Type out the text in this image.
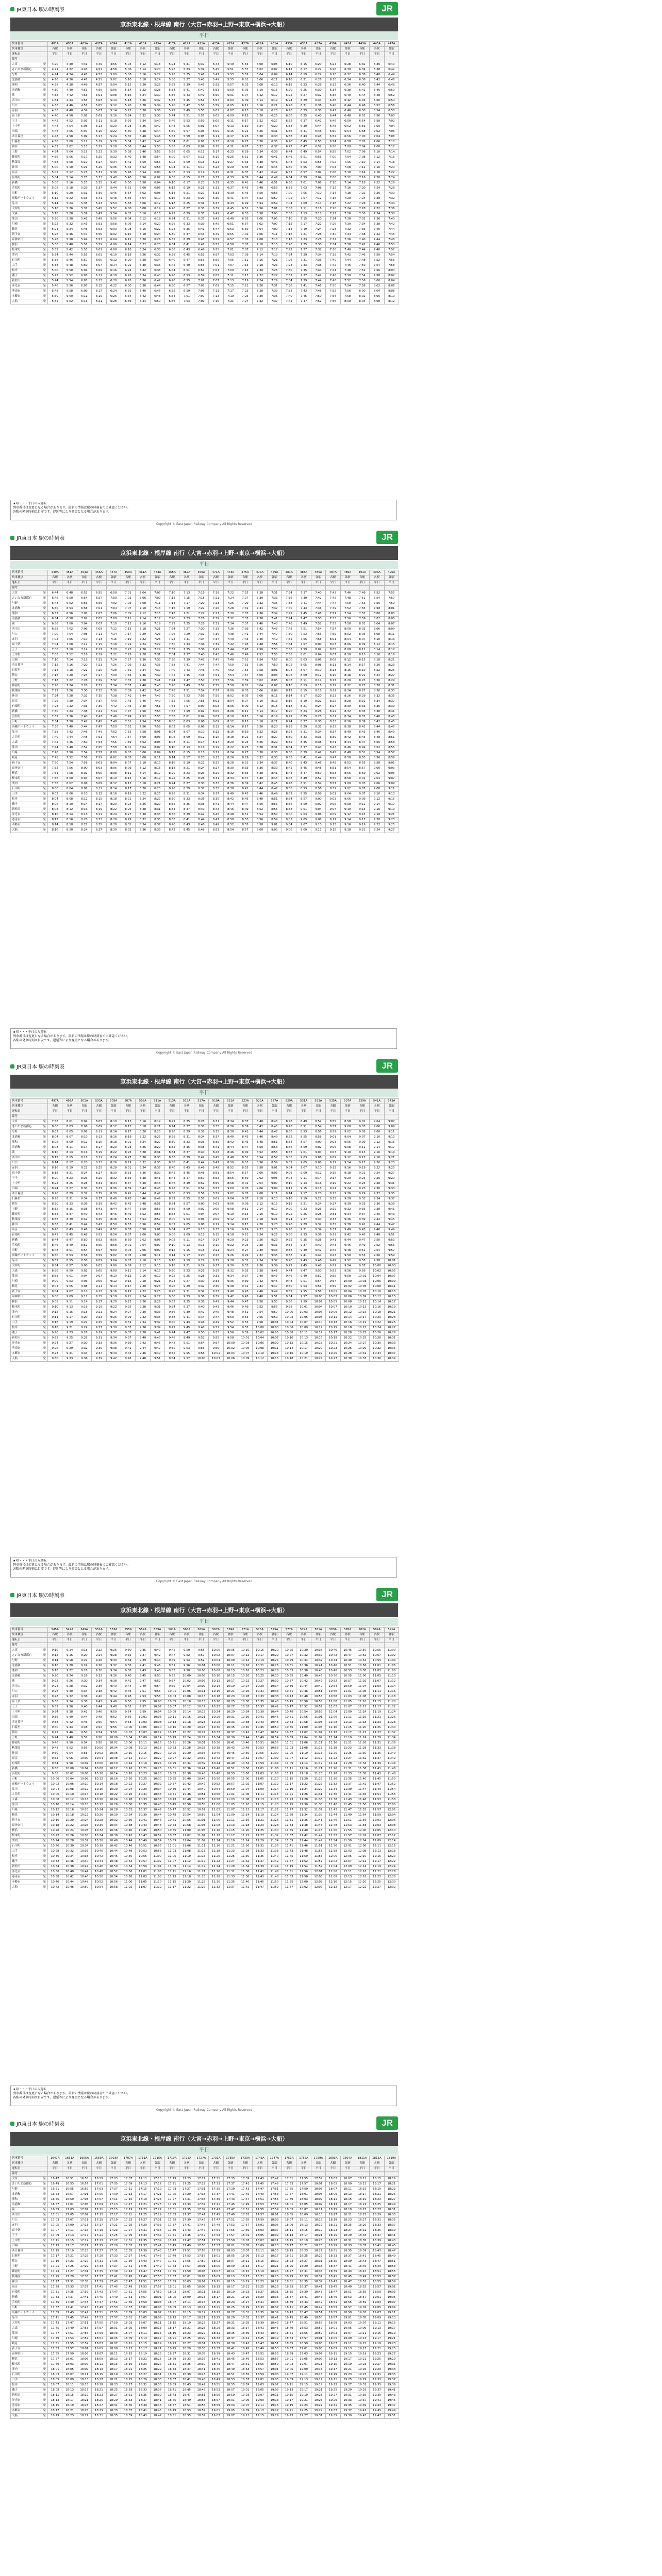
JR東日本 駅の時刻表	JR
京浜東北線・根岸線 南行（大宮→赤羽→上野→東京→横浜→大船）
平日
列車番号		401A	403A	405A	407A	409A	411A	413A	415A	417A	419A	421A	423A	425A	427A	429A	431A	433A	435A	437A	439A	441A	443A	445A	447A
列車種別		各駅	各駅	各駅	各駅	各駅	各駅	各駅	各駅	各駅	各駅	各駅	各駅	各駅	各駅	各駅	各駅	各駅	各駅	各駅	各駅	各駅	各駅	各駅	各駅
運転日		平日	平日	平日	平日	平日	平日	平日	平日	平日	平日	平日	平日	平日	平日	平日	平日	平日	平日	平日	平日	平日	平日	平日	平日
備考																									
大宮	発	4:20	4:30	4:41	4:49	4:56	5:04	5:12	5:18	5:24	5:31	5:37	5:43	5:49	5:55	6:00	6:05	6:10	6:15	6:20	6:24	6:28	6:32	6:36	6:40
さいたま新都心	発	4:22	4:32	4:43	4:51	4:58	5:06	5:14	5:20	5:26	5:33	5:39	5:45	5:51	5:57	6:02	6:07	6:12	6:17	6:22	6:26	6:30	6:34	6:38	6:42
与野	発	4:24	4:34	4:45	4:53	5:00	5:08	5:16	5:22	5:28	5:35	5:41	5:47	5:53	5:59	6:04	6:09	6:14	6:19	6:24	6:28	6:32	6:36	6:40	6:44
北浦和	発	4:26	4:36	4:47	4:55	5:02	5:10	5:18	5:24	5:30	5:37	5:43	5:49	5:55	6:01	6:06	6:11	6:16	6:21	6:26	6:30	6:34	6:38	6:42	6:46
浦和	発	4:28	4:38	4:49	4:57	5:04	5:12	5:20	5:26	5:32	5:39	5:45	5:51	5:57	6:03	6:08	6:13	6:18	6:23	6:28	6:32	6:36	6:40	6:44	6:48
南浦和	発	4:30	4:40	4:51	4:59	5:06	5:14	5:22	5:28	5:34	5:41	5:47	5:53	5:59	6:05	6:10	6:15	6:20	6:25	6:30	6:34	6:38	6:42	6:46	6:50
蕨	発	4:32	4:42	4:53	5:01	5:08	5:16	5:24	5:30	5:36	5:43	5:49	5:55	6:01	6:07	6:12	6:17	6:22	6:27	6:32	6:36	6:40	6:44	6:48	6:52
西川口	発	4:34	4:44	4:55	5:03	5:10	5:18	5:26	5:32	5:38	5:45	5:51	5:57	6:03	6:09	6:14	6:19	6:24	6:29	6:34	6:38	6:42	6:46	6:50	6:54
川口	発	4:36	4:46	4:57	5:05	5:12	5:20	5:28	5:34	5:40	5:47	5:53	5:59	6:05	6:11	6:16	6:21	6:26	6:31	6:36	6:40	6:44	6:48	6:52	6:56
赤羽	発	4:38	4:48	4:59	5:07	5:14	5:22	5:30	5:36	5:42	5:49	5:55	6:01	6:07	6:13	6:18	6:23	6:28	6:33	6:38	6:42	6:46	6:50	6:54	6:58
東十条	発	4:40	4:50	5:01	5:09	5:16	5:24	5:32	5:38	5:44	5:51	5:57	6:03	6:09	6:15	6:20	6:25	6:30	6:35	6:40	6:44	6:48	6:52	6:56	7:00
王子	発	4:42	4:52	5:03	5:11	5:18	5:26	5:34	5:40	5:46	5:53	5:59	6:05	6:11	6:17	6:22	6:27	6:32	6:37	6:42	6:46	6:50	6:54	6:58	7:02
上中里	発	4:44	4:54	5:05	5:13	5:20	5:28	5:36	5:42	5:48	5:55	6:01	6:07	6:13	6:19	6:24	6:29	6:34	6:39	6:44	6:48	6:52	6:56	7:00	7:04
田端	発	4:46	4:56	5:07	5:15	5:22	5:30	5:38	5:44	5:50	5:57	6:03	6:09	6:15	6:21	6:26	6:31	6:36	6:41	6:46	6:50	6:54	6:58	7:02	7:06
西日暮里	発	4:48	4:58	5:09	5:17	5:24	5:32	5:40	5:46	5:52	5:59	6:05	6:11	6:17	6:23	6:28	6:33	6:38	6:43	6:48	6:52	6:56	7:00	7:04	7:08
日暮里	発	4:50	5:00	5:11	5:19	5:26	5:34	5:42	5:48	5:54	6:01	6:07	6:13	6:19	6:25	6:30	6:35	6:40	6:45	6:50	6:54	6:58	7:02	7:06	7:10
鶯谷	発	4:52	5:02	5:13	5:21	5:28	5:36	5:44	5:50	5:56	6:03	6:09	6:15	6:21	6:27	6:32	6:37	6:42	6:47	6:52	6:56	7:00	7:04	7:08	7:12
上野	発	4:54	5:04	5:15	5:23	5:30	5:38	5:46	5:52	5:58	6:05	6:11	6:17	6:23	6:29	6:34	6:39	6:44	6:49	6:54	6:58	7:02	7:06	7:10	7:14
御徒町	発	4:56	5:06	5:17	5:25	5:32	5:40	5:48	5:54	6:00	6:07	6:13	6:19	6:25	6:31	6:36	6:41	6:46	6:51	6:56	7:00	7:04	7:08	7:12	7:16
秋葉原	発	4:58	5:08	5:19	5:27	5:34	5:42	5:50	5:56	6:02	6:09	6:15	6:21	6:27	6:33	6:38	6:43	6:48	6:53	6:58	7:02	7:06	7:10	7:14	7:18
神田	発	5:00	5:10	5:21	5:29	5:36	5:44	5:52	5:58	6:04	6:11	6:17	6:23	6:29	6:35	6:40	6:45	6:50	6:55	7:00	7:04	7:08	7:12	7:16	7:20
東京	発	5:02	5:12	5:23	5:31	5:38	5:46	5:54	6:00	6:06	6:13	6:19	6:25	6:31	6:37	6:42	6:47	6:52	6:57	7:02	7:06	7:10	7:14	7:18	7:22
有楽町	発	5:04	5:14	5:25	5:33	5:40	5:48	5:56	6:02	6:08	6:15	6:21	6:27	6:33	6:39	6:44	6:49	6:54	6:59	7:04	7:08	7:12	7:16	7:20	7:24
新橋	発	5:06	5:16	5:27	5:35	5:42	5:50	5:58	6:04	6:10	6:17	6:23	6:29	6:35	6:41	6:46	6:51	6:56	7:01	7:06	7:10	7:14	7:18	7:22	7:26
浜松町	発	5:08	5:18	5:29	5:37	5:44	5:52	6:00	6:06	6:12	6:19	6:25	6:31	6:37	6:43	6:48	6:53	6:58	7:03	7:08	7:12	7:16	7:20	7:24	7:28
田町	発	5:10	5:20	5:31	5:39	5:46	5:54	6:02	6:08	6:14	6:21	6:27	6:33	6:39	6:45	6:50	6:55	7:00	7:05	7:10	7:14	7:18	7:22	7:26	7:30
高輪ゲートウェイ	発	5:12	5:22	5:33	5:41	5:48	5:56	6:04	6:10	6:16	6:23	6:29	6:35	6:41	6:47	6:52	6:57	7:02	7:07	7:12	7:16	7:20	7:24	7:28	7:32
品川	発	5:14	5:24	5:35	5:43	5:50	5:58	6:06	6:12	6:18	6:25	6:31	6:37	6:43	6:49	6:54	6:59	7:04	7:09	7:14	7:18	7:22	7:26	7:30	7:34
大井町	発	5:16	5:26	5:37	5:45	5:52	6:00	6:08	6:14	6:20	6:27	6:33	6:39	6:45	6:51	6:56	7:01	7:06	7:11	7:16	7:20	7:24	7:28	7:32	7:36
大森	発	5:18	5:28	5:39	5:47	5:54	6:02	6:10	6:16	6:22	6:29	6:35	6:41	6:47	6:53	6:58	7:03	7:08	7:13	7:18	7:22	7:26	7:30	7:34	7:38
蒲田	発	5:20	5:30	5:41	5:49	5:56	6:04	6:12	6:18	6:24	6:31	6:37	6:43	6:49	6:55	7:00	7:05	7:10	7:15	7:20	7:24	7:28	7:32	7:36	7:40
川崎	発	5:22	5:32	5:43	5:51	5:58	6:06	6:14	6:20	6:26	6:33	6:39	6:45	6:51	6:57	7:02	7:07	7:12	7:17	7:22	7:26	7:30	7:34	7:38	7:42
鶴見	発	5:24	5:34	5:45	5:53	6:00	6:08	6:16	6:22	6:28	6:35	6:41	6:47	6:53	6:59	7:04	7:09	7:14	7:19	7:24	7:28	7:32	7:36	7:40	7:44
新子安	発	5:26	5:36	5:47	5:55	6:02	6:10	6:18	6:24	6:30	6:37	6:43	6:49	6:55	7:01	7:06	7:11	7:16	7:21	7:26	7:30	7:34	7:38	7:42	7:46
東神奈川	発	5:28	5:38	5:49	5:57	6:04	6:12	6:20	6:26	6:32	6:39	6:45	6:51	6:57	7:03	7:08	7:13	7:18	7:23	7:28	7:32	7:36	7:40	7:44	7:48
横浜	発	5:30	5:40	5:51	5:59	6:06	6:14	6:22	6:28	6:34	6:41	6:47	6:53	6:59	7:05	7:10	7:15	7:20	7:25	7:30	7:34	7:38	7:42	7:46	7:50
桜木町	発	5:32	5:42	5:53	6:01	6:08	6:16	6:24	6:30	6:36	6:43	6:49	6:55	7:01	7:07	7:12	7:17	7:22	7:27	7:32	7:36	7:40	7:44	7:48	7:52
関内	発	5:34	5:44	5:55	6:03	6:10	6:18	6:26	6:32	6:38	6:45	6:51	6:57	7:03	7:09	7:14	7:19	7:24	7:29	7:34	7:38	7:42	7:46	7:50	7:54
石川町	発	5:36	5:46	5:57	6:05	6:12	6:20	6:28	6:34	6:40	6:47	6:53	6:59	7:05	7:11	7:16	7:21	7:26	7:31	7:36	7:40	7:44	7:48	7:52	7:56
山手	発	5:38	5:48	5:59	6:07	6:14	6:22	6:30	6:36	6:42	6:49	6:55	7:01	7:07	7:13	7:18	7:23	7:28	7:33	7:38	7:42	7:46	7:50	7:54	7:58
根岸	発	5:40	5:50	6:01	6:09	6:16	6:24	6:32	6:38	6:44	6:51	6:57	7:03	7:09	7:15	7:20	7:25	7:30	7:35	7:40	7:44	7:48	7:52	7:56	8:00
磯子	発	5:42	5:52	6:03	6:11	6:18	6:26	6:34	6:40	6:46	6:53	6:59	7:05	7:11	7:17	7:22	7:27	7:32	7:37	7:42	7:46	7:50	7:54	7:58	8:02
新杉田	発	5:44	5:54	6:05	6:13	6:20	6:28	6:36	6:42	6:48	6:55	7:01	7:07	7:13	7:19	7:24	7:29	7:34	7:39	7:44	7:48	7:52	7:56	8:00	8:04
洋光台	発	5:46	5:56	6:07	6:15	6:22	6:30	6:38	6:44	6:50	6:57	7:03	7:09	7:15	7:21	7:26	7:31	7:36	7:41	7:46	7:50	7:54	7:58	8:02	8:06
港南台	発	5:48	5:58	6:09	6:17	6:24	6:32	6:40	6:46	6:52	6:59	7:05	7:11	7:17	7:23	7:28	7:33	7:38	7:43	7:48	7:52	7:56	8:00	8:04	8:08
本郷台	発	5:50	6:00	6:11	6:19	6:26	6:34	6:42	6:48	6:54	7:01	7:07	7:13	7:19	7:25	7:30	7:35	7:40	7:45	7:50	7:54	7:58	8:02	8:06	8:10
大船	発	5:52	6:02	6:13	6:21	6:28	6:36	6:44	6:50	6:56	7:03	7:09	7:15	7:21	7:27	7:32	7:37	7:42	7:47	7:52	7:56	8:00	8:04	8:08	8:12
★印・・・平日のみ運転
列車番号は変更になる場合があります。最新の情報は駅の時刻表でご確認ください。
各駅の発車時刻は目安です。遅延等により変更となる場合があります。
Copyright © East Japan Railway Company All Rights Reserved
JR東日本 駅の時刻表	JR
京浜東北線・根岸線 南行（大宮→赤羽→上野→東京→横浜→大船）
平日
列車番号		449A	451A	453A	455A	457A	459A	461A	463A	465A	467A	469A	471A	473A	475A	477A	479A	481A	483A	485A	487A	489A	491A	493A	495A
列車種別		各駅	各駅	各駅	各駅	各駅	各駅	各駅	各駅	各駅	各駅	各駅	各駅	各駅	各駅	各駅	各駅	各駅	各駅	各駅	各駅	各駅	各駅	各駅	各駅
運転日		平日	平日	平日	平日	平日	平日	平日	平日	平日	平日	平日	平日	平日	平日	平日	平日	平日	平日	平日	平日	平日	平日	平日	平日
備考																									
大宮	発	6:44	6:48	6:52	6:55	6:58	7:01	7:04	7:07	7:10	7:13	7:16	7:19	7:22	7:25	7:28	7:31	7:34	7:37	7:40	7:43	7:46	7:49	7:52	7:55
さいたま新都心	発	6:46	6:50	6:54	6:57	7:00	7:03	7:06	7:09	7:12	7:15	7:18	7:21	7:24	7:27	7:30	7:33	7:36	7:39	7:42	7:45	7:48	7:51	7:54	7:57
与野	発	6:48	6:52	6:56	6:59	7:02	7:05	7:08	7:11	7:14	7:17	7:20	7:23	7:26	7:29	7:32	7:35	7:38	7:41	7:44	7:47	7:50	7:53	7:56	7:59
北浦和	発	6:50	6:54	6:58	7:01	7:04	7:07	7:10	7:13	7:16	7:19	7:22	7:25	7:28	7:31	7:34	7:37	7:40	7:43	7:46	7:49	7:52	7:55	7:58	8:01
浦和	発	6:52	6:56	7:00	7:03	7:06	7:09	7:12	7:15	7:18	7:21	7:24	7:27	7:30	7:33	7:36	7:39	7:42	7:45	7:48	7:51	7:54	7:57	8:00	8:03
南浦和	発	6:54	6:58	7:02	7:05	7:08	7:11	7:14	7:17	7:20	7:23	7:26	7:29	7:32	7:35	7:38	7:41	7:44	7:47	7:50	7:53	7:56	7:59	8:02	8:05
蕨	発	6:56	7:00	7:04	7:07	7:10	7:13	7:16	7:19	7:22	7:25	7:28	7:31	7:34	7:37	7:40	7:43	7:46	7:49	7:52	7:55	7:58	8:01	8:04	8:07
西川口	発	6:58	7:02	7:06	7:09	7:12	7:15	7:18	7:21	7:24	7:27	7:30	7:33	7:36	7:39	7:42	7:45	7:48	7:51	7:54	7:57	8:00	8:03	8:06	8:09
川口	発	7:00	7:04	7:08	7:11	7:14	7:17	7:20	7:23	7:26	7:29	7:32	7:35	7:38	7:41	7:44	7:47	7:50	7:53	7:56	7:59	8:02	8:05	8:08	8:11
赤羽	発	7:02	7:06	7:10	7:13	7:16	7:19	7:22	7:25	7:28	7:31	7:34	7:37	7:40	7:43	7:46	7:49	7:52	7:55	7:58	8:01	8:04	8:07	8:10	8:13
東十条	発	7:04	7:08	7:12	7:15	7:18	7:21	7:24	7:27	7:30	7:33	7:36	7:39	7:42	7:45	7:48	7:51	7:54	7:57	8:00	8:03	8:06	8:09	8:12	8:15
王子	発	7:06	7:10	7:14	7:17	7:20	7:23	7:26	7:29	7:32	7:35	7:38	7:41	7:44	7:47	7:50	7:53	7:56	7:59	8:02	8:05	8:08	8:11	8:14	8:17
上中里	発	7:08	7:12	7:16	7:19	7:22	7:25	7:28	7:31	7:34	7:37	7:40	7:43	7:46	7:49	7:52	7:55	7:58	8:01	8:04	8:07	8:10	8:13	8:16	8:19
田端	発	7:10	7:14	7:18	7:21	7:24	7:27	7:30	7:33	7:36	7:39	7:42	7:45	7:48	7:51	7:54	7:57	8:00	8:03	8:06	8:09	8:12	8:15	8:18	8:21
西日暮里	発	7:12	7:16	7:20	7:23	7:26	7:29	7:32	7:35	7:38	7:41	7:44	7:47	7:50	7:53	7:56	7:59	8:02	8:05	8:08	8:11	8:14	8:17	8:20	8:23
日暮里	発	7:14	7:18	7:22	7:25	7:28	7:31	7:34	7:37	7:40	7:43	7:46	7:49	7:52	7:55	7:58	8:01	8:04	8:07	8:10	8:13	8:16	8:19	8:22	8:25
鶯谷	発	7:16	7:20	7:24	7:27	7:30	7:33	7:36	7:39	7:42	7:45	7:48	7:51	7:54	7:57	8:00	8:03	8:06	8:09	8:12	8:15	8:18	8:21	8:24	8:27
上野	発	7:18	7:22	7:26	7:29	7:32	7:35	7:38	7:41	7:44	7:47	7:50	7:53	7:56	7:59	8:02	8:05	8:08	8:11	8:14	8:17	8:20	8:23	8:26	8:29
御徒町	発	7:20	7:24	7:28	7:31	7:34	7:37	7:40	7:43	7:46	7:49	7:52	7:55	7:58	8:01	8:04	8:07	8:10	8:13	8:16	8:19	8:22	8:25	8:28	8:31
秋葉原	発	7:22	7:26	7:30	7:33	7:36	7:39	7:42	7:45	7:48	7:51	7:54	7:57	8:00	8:03	8:06	8:09	8:12	8:15	8:18	8:21	8:24	8:27	8:30	8:33
神田	発	7:24	7:28	7:32	7:35	7:38	7:41	7:44	7:47	7:50	7:53	7:56	7:59	8:02	8:05	8:08	8:11	8:14	8:17	8:20	8:23	8:26	8:29	8:32	8:35
東京	発	7:26	7:30	7:34	7:37	7:40	7:43	7:46	7:49	7:52	7:55	7:58	8:01	8:04	8:07	8:10	8:13	8:16	8:19	8:22	8:25	8:28	8:31	8:34	8:37
有楽町	発	7:28	7:32	7:36	7:39	7:42	7:45	7:48	7:51	7:54	7:57	8:00	8:03	8:06	8:09	8:12	8:15	8:18	8:21	8:24	8:27	8:30	8:33	8:36	8:39
新橋	発	7:30	7:34	7:38	7:41	7:44	7:47	7:50	7:53	7:56	7:59	8:02	8:05	8:08	8:11	8:14	8:17	8:20	8:23	8:26	8:29	8:32	8:35	8:38	8:41
浜松町	発	7:32	7:36	7:40	7:43	7:46	7:49	7:52	7:55	7:58	8:01	8:04	8:07	8:10	8:13	8:16	8:19	8:22	8:25	8:28	8:31	8:34	8:37	8:40	8:43
田町	発	7:34	7:38	7:42	7:45	7:48	7:51	7:54	7:57	8:00	8:03	8:06	8:09	8:12	8:15	8:18	8:21	8:24	8:27	8:30	8:33	8:36	8:39	8:42	8:45
高輪ゲートウェイ	発	7:36	7:40	7:44	7:47	7:50	7:53	7:56	7:59	8:02	8:05	8:08	8:11	8:14	8:17	8:20	8:23	8:26	8:29	8:32	8:35	8:38	8:41	8:44	8:47
品川	発	7:38	7:42	7:46	7:49	7:52	7:55	7:58	8:01	8:04	8:07	8:10	8:13	8:16	8:19	8:22	8:25	8:28	8:31	8:34	8:37	8:40	8:43	8:46	8:49
大井町	発	7:40	7:44	7:48	7:51	7:54	7:57	8:00	8:03	8:06	8:09	8:12	8:15	8:18	8:21	8:24	8:27	8:30	8:33	8:36	8:39	8:42	8:45	8:48	8:51
大森	発	7:42	7:46	7:50	7:53	7:56	7:59	8:02	8:05	8:08	8:11	8:14	8:17	8:20	8:23	8:26	8:29	8:32	8:35	8:38	8:41	8:44	8:47	8:50	8:53
蒲田	発	7:44	7:48	7:52	7:55	7:58	8:01	8:04	8:07	8:10	8:13	8:16	8:19	8:22	8:25	8:28	8:31	8:34	8:37	8:40	8:43	8:46	8:49	8:52	8:55
川崎	発	7:46	7:50	7:54	7:57	8:00	8:03	8:06	8:09	8:12	8:15	8:18	8:21	8:24	8:27	8:30	8:33	8:36	8:39	8:42	8:45	8:48	8:51	8:54	8:57
鶴見	発	7:48	7:52	7:56	7:59	8:02	8:05	8:08	8:11	8:14	8:17	8:20	8:23	8:26	8:29	8:32	8:35	8:38	8:41	8:44	8:47	8:50	8:53	8:56	8:59
新子安	発	7:50	7:54	7:58	8:01	8:04	8:07	8:10	8:13	8:16	8:19	8:22	8:25	8:28	8:31	8:34	8:37	8:40	8:43	8:46	8:49	8:52	8:55	8:58	9:01
東神奈川	発	7:52	7:56	8:00	8:03	8:06	8:09	8:12	8:15	8:18	8:21	8:24	8:27	8:30	8:33	8:36	8:39	8:42	8:45	8:48	8:51	8:54	8:57	9:00	9:03
横浜	発	7:54	7:58	8:02	8:05	8:08	8:11	8:14	8:17	8:20	8:23	8:26	8:29	8:32	8:35	8:38	8:41	8:44	8:47	8:50	8:53	8:56	8:59	9:02	9:05
桜木町	発	7:56	8:00	8:04	8:07	8:10	8:13	8:16	8:19	8:22	8:25	8:28	8:31	8:34	8:37	8:40	8:43	8:46	8:49	8:52	8:55	8:58	9:01	9:04	9:07
関内	発	7:58	8:02	8:06	8:09	8:12	8:15	8:18	8:21	8:24	8:27	8:30	8:33	8:36	8:39	8:42	8:45	8:48	8:51	8:54	8:57	9:00	9:03	9:06	9:09
石川町	発	8:00	8:04	8:08	8:11	8:14	8:17	8:20	8:23	8:26	8:29	8:32	8:35	8:38	8:41	8:44	8:47	8:50	8:53	8:56	8:59	9:02	9:05	9:08	9:11
山手	発	8:02	8:06	8:10	8:13	8:16	8:19	8:22	8:25	8:28	8:31	8:34	8:37	8:40	8:43	8:46	8:49	8:52	8:55	8:58	9:01	9:04	9:07	9:10	9:13
根岸	発	8:04	8:08	8:12	8:15	8:18	8:21	8:24	8:27	8:30	8:33	8:36	8:39	8:42	8:45	8:48	8:51	8:54	8:57	9:00	9:03	9:06	9:09	9:12	9:15
磯子	発	8:06	8:10	8:14	8:17	8:20	8:23	8:26	8:29	8:32	8:35	8:38	8:41	8:44	8:47	8:50	8:53	8:56	8:59	9:02	9:05	9:08	9:11	9:14	9:17
新杉田	発	8:08	8:12	8:16	8:19	8:22	8:25	8:28	8:31	8:34	8:37	8:40	8:43	8:46	8:49	8:52	8:55	8:58	9:01	9:04	9:07	9:10	9:13	9:16	9:19
洋光台	発	8:10	8:14	8:18	8:21	8:24	8:27	8:30	8:33	8:36	8:39	8:42	8:45	8:48	8:51	8:54	8:57	9:00	9:03	9:06	9:09	9:12	9:15	9:18	9:21
港南台	発	8:12	8:16	8:20	8:23	8:26	8:29	8:32	8:35	8:38	8:41	8:44	8:47	8:50	8:53	8:56	8:59	9:02	9:05	9:08	9:11	9:14	9:17	9:20	9:23
本郷台	発	8:14	8:18	8:22	8:25	8:28	8:31	8:34	8:37	8:40	8:43	8:46	8:49	8:52	8:55	8:58	9:01	9:04	9:07	9:10	9:13	9:16	9:19	9:22	9:25
大船	発	8:16	8:20	8:24	8:27	8:30	8:33	8:36	8:39	8:42	8:45	8:48	8:51	8:54	8:57	9:00	9:03	9:06	9:09	9:12	9:15	9:18	9:21	9:24	9:27
★印・・・平日のみ運転
列車番号は変更になる場合があります。最新の情報は駅の時刻表でご確認ください。
各駅の発車時刻は目安です。遅延等により変更となる場合があります。
Copyright © East Japan Railway Company All Rights Reserved
JR東日本 駅の時刻表	JR
京浜東北線・根岸線 南行（大宮→赤羽→上野→東京→横浜→大船）
平日
列車番号		497A	499A	501A	503A	505A	507A	509A	511A	513A	515A	517A	519A	521A	523A	525A	527A	529A	531A	533A	535A	537A	539A	541A	543A
列車種別		各駅	各駅	各駅	各駅	各駅	各駅	各駅	各駅	各駅	各駅	各駅	各駅	各駅	各駅	各駅	各駅	各駅	各駅	各駅	各駅	各駅	各駅	各駅	各駅
運転日		平日	平日	平日	平日	平日	平日	平日	平日	平日	平日	平日	平日	平日	平日	平日	平日	平日	平日	平日	平日	平日	平日	平日	平日
備考																									
大宮	発	7:58	8:01	8:04	8:07	8:10	8:13	8:16	8:19	8:22	8:25	8:28	8:31	8:34	8:37	8:40	8:43	8:46	8:49	8:52	8:55	8:58	9:01	9:04	9:07
さいたま新都心	発	8:00	8:03	8:06	8:09	8:12	8:15	8:18	8:21	8:24	8:27	8:30	8:33	8:36	8:39	8:42	8:45	8:48	8:51	8:54	8:57	9:00	9:03	9:06	9:09
与野	発	8:02	8:05	8:08	8:11	8:14	8:17	8:20	8:23	8:26	8:29	8:32	8:35	8:38	8:41	8:44	8:47	8:50	8:53	8:56	8:59	9:02	9:05	9:08	9:11
北浦和	発	8:04	8:07	8:10	8:13	8:16	8:19	8:22	8:25	8:28	8:31	8:34	8:37	8:40	8:43	8:46	8:49	8:52	8:55	8:58	9:01	9:04	9:07	9:10	9:13
浦和	発	8:06	8:09	8:12	8:15	8:18	8:21	8:24	8:27	8:30	8:33	8:36	8:39	8:42	8:45	8:48	8:51	8:54	8:57	9:00	9:03	9:06	9:09	9:12	9:15
南浦和	発	8:08	8:11	8:14	8:17	8:20	8:23	8:26	8:29	8:32	8:35	8:38	8:41	8:44	8:47	8:50	8:53	8:56	8:59	9:02	9:05	9:08	9:11	9:14	9:17
蕨	発	8:10	8:13	8:16	8:19	8:22	8:25	8:28	8:31	8:34	8:37	8:40	8:43	8:46	8:49	8:52	8:55	8:58	9:01	9:04	9:07	9:10	9:13	9:16	9:19
西川口	発	8:12	8:15	8:18	8:21	8:24	8:27	8:30	8:33	8:36	8:39	8:42	8:45	8:48	8:51	8:54	8:57	9:00	9:03	9:06	9:09	9:12	9:15	9:18	9:21
川口	発	8:14	8:17	8:20	8:23	8:26	8:29	8:32	8:35	8:38	8:41	8:44	8:47	8:50	8:53	8:56	8:59	9:02	9:05	9:08	9:11	9:14	9:17	9:20	9:23
赤羽	発	8:16	8:19	8:22	8:25	8:28	8:31	8:34	8:37	8:40	8:43	8:46	8:49	8:52	8:55	8:58	9:01	9:04	9:07	9:10	9:13	9:16	9:19	9:22	9:25
東十条	発	8:18	8:21	8:24	8:27	8:30	8:33	8:36	8:39	8:42	8:45	8:48	8:51	8:54	8:57	9:00	9:03	9:06	9:09	9:12	9:15	9:18	9:21	9:24	9:27
王子	発	8:20	8:23	8:26	8:29	8:32	8:35	8:38	8:41	8:44	8:47	8:50	8:53	8:56	8:59	9:02	9:05	9:08	9:11	9:14	9:17	9:20	9:23	9:26	9:29
上中里	発	8:22	8:25	8:28	8:31	8:34	8:37	8:40	8:43	8:46	8:49	8:52	8:55	8:58	9:01	9:04	9:07	9:10	9:13	9:16	9:19	9:22	9:25	9:28	9:31
田端	発	8:24	8:27	8:30	8:33	8:36	8:39	8:42	8:45	8:48	8:51	8:54	8:57	9:00	9:03	9:06	9:09	9:12	9:15	9:18	9:21	9:24	9:27	9:30	9:33
西日暮里	発	8:26	8:29	8:32	8:35	8:38	8:41	8:44	8:47	8:50	8:53	8:56	8:59	9:02	9:05	9:08	9:11	9:14	9:17	9:20	9:23	9:26	9:29	9:32	9:35
日暮里	発	8:28	8:31	8:34	8:37	8:40	8:43	8:46	8:49	8:52	8:55	8:58	9:01	9:04	9:07	9:10	9:13	9:16	9:19	9:22	9:25	9:28	9:31	9:34	9:37
鶯谷	発	8:30	8:33	8:36	8:39	8:42	8:45	8:48	8:51	8:54	8:57	9:00	9:03	9:06	9:09	9:12	9:15	9:18	9:21	9:24	9:27	9:30	9:33	9:36	9:39
上野	発	8:32	8:35	8:38	8:41	8:44	8:47	8:50	8:53	8:56	8:59	9:02	9:05	9:08	9:11	9:14	9:17	9:20	9:23	9:26	9:29	9:32	9:35	9:38	9:41
御徒町	発	8:34	8:37	8:40	8:43	8:46	8:49	8:52	8:55	8:58	9:01	9:04	9:07	9:10	9:13	9:16	9:19	9:22	9:25	9:28	9:31	9:34	9:37	9:40	9:43
秋葉原	発	8:36	8:39	8:42	8:45	8:48	8:51	8:54	8:57	9:00	9:03	9:06	9:09	9:12	9:15	9:18	9:21	9:24	9:27	9:30	9:33	9:36	9:39	9:42	9:45
神田	発	8:38	8:41	8:44	8:47	8:50	8:53	8:56	8:59	9:02	9:05	9:08	9:11	9:14	9:17	9:20	9:23	9:26	9:29	9:32	9:35	9:38	9:41	9:44	9:47
東京	発	8:40	8:43	8:46	8:49	8:52	8:55	8:58	9:01	9:04	9:07	9:10	9:13	9:16	9:19	9:22	9:25	9:28	9:31	9:34	9:37	9:40	9:43	9:46	9:49
有楽町	発	8:42	8:45	8:48	8:51	8:54	8:57	9:00	9:03	9:06	9:09	9:12	9:15	9:18	9:21	9:24	9:27	9:30	9:33	9:36	9:39	9:42	9:45	9:48	9:51
新橋	発	8:44	8:47	8:50	8:53	8:56	8:59	9:02	9:05	9:08	9:11	9:14	9:17	9:20	9:23	9:26	9:29	9:32	9:35	9:38	9:41	9:44	9:47	9:50	9:53
浜松町	発	8:46	8:49	8:52	8:55	8:58	9:01	9:04	9:07	9:10	9:13	9:16	9:19	9:22	9:25	9:28	9:31	9:34	9:37	9:40	9:43	9:46	9:49	9:52	9:55
田町	発	8:48	8:51	8:54	8:57	9:00	9:03	9:06	9:09	9:12	9:15	9:18	9:21	9:24	9:27	9:30	9:33	9:36	9:39	9:42	9:45	9:48	9:51	9:54	9:57
高輪ゲートウェイ	発	8:50	8:53	8:56	8:59	9:02	9:05	9:08	9:11	9:14	9:17	9:20	9:23	9:26	9:29	9:32	9:35	9:38	9:41	9:44	9:47	9:50	9:53	9:56	9:59
品川	発	8:52	8:55	8:58	9:01	9:04	9:07	9:10	9:13	9:16	9:19	9:22	9:25	9:28	9:31	9:34	9:37	9:40	9:43	9:46	9:49	9:52	9:55	9:58	10:01
大井町	発	8:54	8:57	9:00	9:03	9:06	9:09	9:12	9:15	9:18	9:21	9:24	9:27	9:30	9:33	9:36	9:39	9:42	9:45	9:48	9:51	9:54	9:57	10:00	10:03
大森	発	8:56	8:59	9:02	9:05	9:08	9:11	9:14	9:17	9:20	9:23	9:26	9:29	9:32	9:35	9:38	9:41	9:44	9:47	9:50	9:53	9:56	9:59	10:02	10:05
蒲田	発	8:58	9:01	9:04	9:07	9:10	9:13	9:16	9:19	9:22	9:25	9:28	9:31	9:34	9:37	9:40	9:43	9:46	9:49	9:52	9:55	9:58	10:01	10:04	10:07
川崎	発	9:00	9:03	9:06	9:09	9:12	9:15	9:18	9:21	9:24	9:27	9:30	9:33	9:36	9:39	9:42	9:45	9:48	9:51	9:54	9:57	10:00	10:03	10:06	10:09
鶴見	発	9:02	9:05	9:08	9:11	9:14	9:17	9:20	9:23	9:26	9:29	9:32	9:35	9:38	9:41	9:44	9:47	9:50	9:53	9:56	9:59	10:02	10:05	10:08	10:11
新子安	発	9:04	9:07	9:10	9:13	9:16	9:19	9:22	9:25	9:28	9:31	9:34	9:37	9:40	9:43	9:46	9:49	9:52	9:55	9:58	10:01	10:04	10:07	10:10	10:13
東神奈川	発	9:06	9:09	9:12	9:15	9:18	9:21	9:24	9:27	9:30	9:33	9:36	9:39	9:42	9:45	9:48	9:51	9:54	9:57	10:00	10:03	10:06	10:09	10:12	10:15
横浜	発	9:08	9:11	9:14	9:17	9:20	9:23	9:26	9:29	9:32	9:35	9:38	9:41	9:44	9:47	9:50	9:53	9:56	9:59	10:02	10:05	10:08	10:11	10:14	10:17
桜木町	発	9:10	9:13	9:16	9:19	9:22	9:25	9:28	9:31	9:34	9:37	9:40	9:43	9:46	9:49	9:52	9:55	9:58	10:01	10:04	10:07	10:10	10:13	10:16	10:19
関内	発	9:12	9:15	9:18	9:21	9:24	9:27	9:30	9:33	9:36	9:39	9:42	9:45	9:48	9:51	9:54	9:57	10:00	10:03	10:06	10:09	10:12	10:15	10:18	10:21
石川町	発	9:14	9:17	9:20	9:23	9:26	9:29	9:32	9:35	9:38	9:41	9:44	9:47	9:50	9:53	9:56	9:59	10:02	10:05	10:08	10:11	10:14	10:17	10:20	10:23
山手	発	9:16	9:19	9:22	9:25	9:28	9:31	9:34	9:37	9:40	9:43	9:46	9:49	9:52	9:55	9:58	10:01	10:04	10:07	10:10	10:13	10:16	10:19	10:22	10:25
根岸	発	9:18	9:21	9:24	9:27	9:30	9:33	9:36	9:39	9:42	9:45	9:48	9:51	9:54	9:57	10:00	10:03	10:06	10:09	10:12	10:15	10:18	10:21	10:24	10:27
磯子	発	9:20	9:23	9:26	9:29	9:32	9:35	9:38	9:41	9:44	9:47	9:50	9:53	9:56	9:59	10:02	10:05	10:08	10:11	10:14	10:17	10:20	10:23	10:26	10:29
新杉田	発	9:22	9:25	9:28	9:31	9:34	9:37	9:40	9:43	9:46	9:49	9:52	9:55	9:58	10:01	10:04	10:07	10:10	10:13	10:16	10:19	10:22	10:25	10:28	10:31
洋光台	発	9:24	9:27	9:30	9:33	9:36	9:39	9:42	9:45	9:48	9:51	9:54	9:57	10:00	10:03	10:06	10:09	10:12	10:15	10:18	10:21	10:24	10:27	10:30	10:33
港南台	発	9:26	9:29	9:32	9:35	9:38	9:41	9:44	9:47	9:50	9:53	9:56	9:59	10:02	10:05	10:08	10:11	10:14	10:17	10:20	10:23	10:26	10:29	10:32	10:35
本郷台	発	9:28	9:31	9:34	9:37	9:40	9:43	9:46	9:49	9:52	9:55	9:58	10:01	10:04	10:07	10:10	10:13	10:16	10:19	10:22	10:25	10:28	10:31	10:34	10:37
大船	発	9:30	9:33	9:36	9:39	9:42	9:45	9:48	9:51	9:54	9:57	10:00	10:03	10:06	10:09	10:12	10:15	10:18	10:21	10:24	10:27	10:30	10:33	10:36	10:39
★印・・・平日のみ運転
列車番号は変更になる場合があります。最新の情報は駅の時刻表でご確認ください。
各駅の発車時刻は目安です。遅延等により変更となる場合があります。
Copyright © East Japan Railway Company All Rights Reserved
JR東日本 駅の時刻表	JR
京浜東北線・根岸線 南行（大宮→赤羽→上野→東京→横浜→大船）
平日
列車番号		545A	547A	549A	551A	553A	555A	557A	559A	561A	563A	565A	567A	569A	571A	573A	575A	577A	579A	581A	583A	585A	587A	589A	591A
列車種別		各駅	各駅	各駅	各駅	各駅	各駅	各駅	各駅	各駅	各駅	各駅	各駅	各駅	各駅	各駅	各駅	各駅	各駅	各駅	各駅	各駅	各駅	各駅	各駅
運転日		平日	平日	平日	平日	平日	平日	平日	平日	平日	平日	平日	平日	平日	平日	平日	平日	平日	平日	平日	平日	平日	平日	平日	平日
備考																									
大宮	発	9:10	9:14	9:18	9:22	9:26	9:30	9:35	9:40	9:45	9:50	9:55	10:00	10:05	10:10	10:15	10:20	10:25	10:30	10:35	10:40	10:45	10:50	10:55	11:00
さいたま新都心	発	9:12	9:16	9:20	9:24	9:28	9:32	9:37	9:42	9:47	9:52	9:57	10:02	10:07	10:12	10:17	10:22	10:27	10:32	10:37	10:42	10:47	10:52	10:57	11:02
与野	発	9:14	9:18	9:22	9:26	9:30	9:34	9:39	9:44	9:49	9:54	9:59	10:04	10:09	10:14	10:19	10:24	10:29	10:34	10:39	10:44	10:49	10:54	10:59	11:04
北浦和	発	9:16	9:20	9:24	9:28	9:32	9:36	9:41	9:46	9:51	9:56	10:01	10:06	10:11	10:16	10:21	10:26	10:31	10:36	10:41	10:46	10:51	10:56	11:01	11:06
浦和	発	9:18	9:22	9:26	9:30	9:34	9:38	9:43	9:48	9:53	9:58	10:03	10:08	10:13	10:18	10:23	10:28	10:33	10:38	10:43	10:48	10:53	10:58	11:03	11:08
南浦和	発	9:20	9:24	9:28	9:32	9:36	9:40	9:45	9:50	9:55	10:00	10:05	10:10	10:15	10:20	10:25	10:30	10:35	10:40	10:45	10:50	10:55	11:00	11:05	11:10
蕨	発	9:22	9:26	9:30	9:34	9:38	9:42	9:47	9:52	9:57	10:02	10:07	10:12	10:17	10:22	10:27	10:32	10:37	10:42	10:47	10:52	10:57	11:02	11:07	11:12
西川口	発	9:24	9:28	9:32	9:36	9:40	9:44	9:49	9:54	9:59	10:04	10:09	10:14	10:19	10:24	10:29	10:34	10:39	10:44	10:49	10:54	10:59	11:04	11:09	11:14
川口	発	9:26	9:30	9:34	9:38	9:42	9:46	9:51	9:56	10:01	10:06	10:11	10:16	10:21	10:26	10:31	10:36	10:41	10:46	10:51	10:56	11:01	11:06	11:11	11:16
赤羽	発	9:28	9:32	9:36	9:40	9:44	9:48	9:53	9:58	10:03	10:08	10:13	10:18	10:23	10:28	10:33	10:38	10:43	10:48	10:53	10:58	11:03	11:08	11:13	11:18
東十条	発	9:30	9:34	9:38	9:42	9:46	9:50	9:55	10:00	10:05	10:10	10:15	10:20	10:25	10:30	10:35	10:40	10:45	10:50	10:55	11:00	11:05	11:10	11:15	11:20
王子	発	9:32	9:36	9:40	9:44	9:48	9:52	9:57	10:02	10:07	10:12	10:17	10:22	10:27	10:32	10:37	10:42	10:47	10:52	10:57	11:02	11:07	11:12	11:17	11:22
上中里	発	9:34	9:38	9:42	9:46	9:50	9:54	9:59	10:04	10:09	10:14	10:19	10:24	10:29	10:34	10:39	10:44	10:49	10:54	10:59	11:04	11:09	11:14	11:19	11:24
田端	発	9:36	9:40	9:44	9:48	9:52	9:56	10:01	10:06	10:11	10:16	10:21	10:26	10:31	10:36	10:41	10:46	10:51	10:56	11:01	11:06	11:11	11:16	11:21	11:26
西日暮里	発	9:38	9:42	9:46	9:50	9:54	9:58	10:03	10:08	10:13	10:18	10:23	10:28	10:33	10:38	10:43	10:48	10:53	10:58	11:03	11:08	11:13	11:18	11:23	11:28
日暮里	発	9:40	9:44	9:48	9:52	9:56	10:00	10:05	10:10	10:15	10:20	10:25	10:30	10:35	10:40	10:45	10:50	10:55	11:00	11:05	11:10	11:15	11:20	11:25	11:30
鶯谷	発	9:42	9:46	9:50	9:54	9:58	10:02	10:07	10:12	10:17	10:22	10:27	10:32	10:37	10:42	10:47	10:52	10:57	11:02	11:07	11:12	11:17	11:22	11:27	11:32
上野	発	9:44	9:48	9:52	9:56	10:00	10:04	10:09	10:14	10:19	10:24	10:29	10:34	10:39	10:44	10:49	10:54	10:59	11:04	11:09	11:14	11:19	11:24	11:29	11:34
御徒町	発	9:46	9:50	9:54	9:58	10:02	10:06	10:11	10:16	10:21	10:26	10:31	10:36	10:41	10:46	10:51	10:56	11:01	11:06	11:11	11:16	11:21	11:26	11:31	11:36
秋葉原	発	9:48	9:52	9:56	10:00	10:04	10:08	10:13	10:18	10:23	10:28	10:33	10:38	10:43	10:48	10:53	10:58	11:03	11:08	11:13	11:18	11:23	11:28	11:33	11:38
神田	発	9:50	9:54	9:58	10:02	10:06	10:10	10:15	10:20	10:25	10:30	10:35	10:40	10:45	10:50	10:55	11:00	11:05	11:10	11:15	11:20	11:25	11:30	11:35	11:40
東京	発	9:52	9:56	10:00	10:04	10:08	10:12	10:17	10:22	10:27	10:32	10:37	10:42	10:47	10:52	10:57	11:02	11:07	11:12	11:17	11:22	11:27	11:32	11:37	11:42
有楽町	発	9:54	9:58	10:02	10:06	10:10	10:14	10:19	10:24	10:29	10:34	10:39	10:44	10:49	10:54	10:59	11:04	11:09	11:14	11:19	11:24	11:29	11:34	11:39	11:44
新橋	発	9:56	10:00	10:04	10:08	10:12	10:16	10:21	10:26	10:31	10:36	10:41	10:46	10:51	10:56	11:01	11:06	11:11	11:16	11:21	11:26	11:31	11:36	11:41	11:46
浜松町	発	9:58	10:02	10:06	10:10	10:14	10:18	10:23	10:28	10:33	10:38	10:43	10:48	10:53	10:58	11:03	11:08	11:13	11:18	11:23	11:28	11:33	11:38	11:43	11:48
田町	発	10:00	10:04	10:08	10:12	10:16	10:20	10:25	10:30	10:35	10:40	10:45	10:50	10:55	11:00	11:05	11:10	11:15	11:20	11:25	11:30	11:35	11:40	11:45	11:50
高輪ゲートウェイ	発	10:02	10:06	10:10	10:14	10:18	10:22	10:27	10:32	10:37	10:42	10:47	10:52	10:57	11:02	11:07	11:12	11:17	11:22	11:27	11:32	11:37	11:42	11:47	11:52
品川	発	10:04	10:08	10:12	10:16	10:20	10:24	10:29	10:34	10:39	10:44	10:49	10:54	10:59	11:04	11:09	11:14	11:19	11:24	11:29	11:34	11:39	11:44	11:49	11:54
大井町	発	10:06	10:10	10:14	10:18	10:22	10:26	10:31	10:36	10:41	10:46	10:51	10:56	11:01	11:06	11:11	11:16	11:21	11:26	11:31	11:36	11:41	11:46	11:51	11:56
大森	発	10:08	10:12	10:16	10:20	10:24	10:28	10:33	10:38	10:43	10:48	10:53	10:58	11:03	11:08	11:13	11:18	11:23	11:28	11:33	11:38	11:43	11:48	11:53	11:58
蒲田	発	10:10	10:14	10:18	10:22	10:26	10:30	10:35	10:40	10:45	10:50	10:55	11:00	11:05	11:10	11:15	11:20	11:25	11:30	11:35	11:40	11:45	11:50	11:55	12:00
川崎	発	10:12	10:16	10:20	10:24	10:28	10:32	10:37	10:42	10:47	10:52	10:57	11:02	11:07	11:12	11:17	11:22	11:27	11:32	11:37	11:42	11:47	11:52	11:57	12:02
鶴見	発	10:14	10:18	10:22	10:26	10:30	10:34	10:39	10:44	10:49	10:54	10:59	11:04	11:09	11:14	11:19	11:24	11:29	11:34	11:39	11:44	11:49	11:54	11:59	12:04
新子安	発	10:16	10:20	10:24	10:28	10:32	10:36	10:41	10:46	10:51	10:56	11:01	11:06	11:11	11:16	11:21	11:26	11:31	11:36	11:41	11:46	11:51	11:56	12:01	12:06
東神奈川	発	10:18	10:22	10:26	10:30	10:34	10:38	10:43	10:48	10:53	10:58	11:03	11:08	11:13	11:18	11:23	11:28	11:33	11:38	11:43	11:48	11:53	11:58	12:03	12:08
横浜	発	10:20	10:24	10:28	10:32	10:36	10:40	10:45	10:50	10:55	11:00	11:05	11:10	11:15	11:20	11:25	11:30	11:35	11:40	11:45	11:50	11:55	12:00	12:05	12:10
桜木町	発	10:22	10:26	10:30	10:34	10:38	10:42	10:47	10:52	10:57	11:02	11:07	11:12	11:17	11:22	11:27	11:32	11:37	11:42	11:47	11:52	11:57	12:02	12:07	12:12
関内	発	10:24	10:28	10:32	10:36	10:40	10:44	10:49	10:54	10:59	11:04	11:09	11:14	11:19	11:24	11:29	11:34	11:39	11:44	11:49	11:54	11:59	12:04	12:09	12:14
石川町	発	10:26	10:30	10:34	10:38	10:42	10:46	10:51	10:56	11:01	11:06	11:11	11:16	11:21	11:26	11:31	11:36	11:41	11:46	11:51	11:56	12:01	12:06	12:11	12:16
山手	発	10:28	10:32	10:36	10:40	10:44	10:48	10:53	10:58	11:03	11:08	11:13	11:18	11:23	11:28	11:33	11:38	11:43	11:48	11:53	11:58	12:03	12:08	12:13	12:18
根岸	発	10:30	10:34	10:38	10:42	10:46	10:50	10:55	11:00	11:05	11:10	11:15	11:20	11:25	11:30	11:35	11:40	11:45	11:50	11:55	12:00	12:05	12:10	12:15	12:20
磯子	発	10:32	10:36	10:40	10:44	10:48	10:52	10:57	11:02	11:07	11:12	11:17	11:22	11:27	11:32	11:37	11:42	11:47	11:52	11:57	12:02	12:07	12:12	12:17	12:22
新杉田	発	10:34	10:38	10:42	10:46	10:50	10:54	10:59	11:04	11:09	11:14	11:19	11:24	11:29	11:34	11:39	11:44	11:49	11:54	11:59	12:04	12:09	12:14	12:19	12:24
洋光台	発	10:36	10:40	10:44	10:48	10:52	10:56	11:01	11:06	11:11	11:16	11:21	11:26	11:31	11:36	11:41	11:46	11:51	11:56	12:01	12:06	12:11	12:16	12:21	12:26
港南台	発	10:38	10:42	10:46	10:50	10:54	10:58	11:03	11:08	11:13	11:18	11:23	11:28	11:33	11:38	11:43	11:48	11:53	11:58	12:03	12:08	12:13	12:18	12:23	12:28
本郷台	発	10:40	10:44	10:48	10:52	10:56	11:00	11:05	11:10	11:15	11:20	11:25	11:30	11:35	11:40	11:45	11:50	11:55	12:00	12:05	12:10	12:15	12:20	12:25	12:30
大船	発	10:42	10:46	10:50	10:54	10:58	11:02	11:07	11:12	11:17	11:22	11:27	11:32	11:37	11:42	11:47	11:52	11:57	12:02	12:07	12:12	12:17	12:22	12:27	12:32
★印・・・平日のみ運転
列車番号は変更になる場合があります。最新の情報は駅の時刻表でご確認ください。
各駅の発車時刻は目安です。遅延等により変更となる場合があります。
Copyright © East Japan Railway Company All Rights Reserved
JR東日本 駅の時刻表	JR
京浜東北線・根岸線 南行（大宮→赤羽→上野→東京→横浜→大船）
平日
列車番号		1647A	1651A	1655A	1659A	1703A	1707A	1711A	1715A	1719A	1723A	1727A	1731A	1735A	1739A	1743A	1747A	1751A	1755A	1759A	1803A	1807A	1811A	1815A	1819A
列車種別		各駅	各駅	各駅	各駅	各駅	各駅	各駅	各駅	各駅	各駅	各駅	各駅	各駅	各駅	各駅	各駅	各駅	各駅	各駅	各駅	各駅	各駅	各駅	各駅
運転日		平日	平日	平日	平日	平日	平日	平日	平日	平日	平日	平日	平日	平日	平日	平日	平日	平日	平日	平日	平日	平日	平日	平日	平日
備考																									
大宮	発	16:47	16:51	16:55	16:59	17:03	17:07	17:11	17:15	17:19	17:23	17:27	17:31	17:35	17:39	17:43	17:47	17:51	17:55	17:59	18:03	18:07	18:11	18:15	18:19
さいたま新都心	発	16:49	16:53	16:57	17:01	17:05	17:09	17:13	17:17	17:21	17:25	17:29	17:33	17:37	17:41	17:45	17:49	17:53	17:57	18:01	18:05	18:09	18:13	18:17	18:21
与野	発	16:51	16:55	16:59	17:03	17:07	17:11	17:15	17:19	17:23	17:27	17:31	17:35	17:39	17:43	17:47	17:51	17:55	17:59	18:03	18:07	18:11	18:15	18:19	18:23
北浦和	発	16:53	16:57	17:01	17:05	17:09	17:13	17:17	17:21	17:25	17:29	17:33	17:37	17:41	17:45	17:49	17:53	17:57	18:01	18:05	18:09	18:13	18:17	18:21	18:25
浦和	発	16:55	16:59	17:03	17:07	17:11	17:15	17:19	17:23	17:27	17:31	17:35	17:39	17:43	17:47	17:51	17:55	17:59	18:03	18:07	18:11	18:15	18:19	18:23	18:27
南浦和	発	16:57	17:01	17:05	17:09	17:13	17:17	17:21	17:25	17:29	17:33	17:37	17:41	17:45	17:49	17:53	17:57	18:01	18:05	18:09	18:13	18:17	18:21	18:25	18:29
蕨	発	16:59	17:03	17:07	17:11	17:15	17:19	17:23	17:27	17:31	17:35	17:39	17:43	17:47	17:51	17:55	17:59	18:03	18:07	18:11	18:15	18:19	18:23	18:27	18:31
西川口	発	17:01	17:05	17:09	17:13	17:17	17:21	17:25	17:29	17:33	17:37	17:41	17:45	17:49	17:53	17:57	18:01	18:05	18:09	18:13	18:17	18:21	18:25	18:29	18:33
川口	発	17:03	17:07	17:11	17:15	17:19	17:23	17:27	17:31	17:35	17:39	17:43	17:47	17:51	17:55	17:59	18:03	18:07	18:11	18:15	18:19	18:23	18:27	18:31	18:35
赤羽	発	17:05	17:09	17:13	17:17	17:21	17:25	17:29	17:33	17:37	17:41	17:45	17:49	17:53	17:57	18:01	18:05	18:09	18:13	18:17	18:21	18:25	18:29	18:33	18:37
東十条	発	17:07	17:11	17:15	17:19	17:23	17:27	17:31	17:35	17:39	17:43	17:47	17:51	17:55	17:59	18:03	18:07	18:11	18:15	18:19	18:23	18:27	18:31	18:35	18:39
王子	発	17:09	17:13	17:17	17:21	17:25	17:29	17:33	17:37	17:41	17:45	17:49	17:53	17:57	18:01	18:05	18:09	18:13	18:17	18:21	18:25	18:29	18:33	18:37	18:41
上中里	発	17:11	17:15	17:19	17:23	17:27	17:31	17:35	17:39	17:43	17:47	17:51	17:55	17:59	18:03	18:07	18:11	18:15	18:19	18:23	18:27	18:31	18:35	18:39	18:43
田端	発	17:13	17:17	17:21	17:25	17:29	17:33	17:37	17:41	17:45	17:49	17:53	17:57	18:01	18:05	18:09	18:13	18:17	18:21	18:25	18:29	18:33	18:37	18:41	18:45
西日暮里	発	17:15	17:19	17:23	17:27	17:31	17:35	17:39	17:43	17:47	17:51	17:55	17:59	18:03	18:07	18:11	18:15	18:19	18:23	18:27	18:31	18:35	18:39	18:43	18:47
日暮里	発	17:17	17:21	17:25	17:29	17:33	17:37	17:41	17:45	17:49	17:53	17:57	18:01	18:05	18:09	18:13	18:17	18:21	18:25	18:29	18:33	18:37	18:41	18:45	18:49
鶯谷	発	17:19	17:23	17:27	17:31	17:35	17:39	17:43	17:47	17:51	17:55	17:59	18:03	18:07	18:11	18:15	18:19	18:23	18:27	18:31	18:35	18:39	18:43	18:47	18:51
上野	発	17:21	17:25	17:29	17:33	17:37	17:41	17:45	17:49	17:53	17:57	18:01	18:05	18:09	18:13	18:17	18:21	18:25	18:29	18:33	18:37	18:41	18:45	18:49	18:53
御徒町	発	17:23	17:27	17:31	17:35	17:39	17:43	17:47	17:51	17:55	17:59	18:03	18:07	18:11	18:15	18:19	18:23	18:27	18:31	18:35	18:39	18:43	18:47	18:51	18:55
秋葉原	発	17:25	17:29	17:33	17:37	17:41	17:45	17:49	17:53	17:57	18:01	18:05	18:09	18:13	18:17	18:21	18:25	18:29	18:33	18:37	18:41	18:45	18:49	18:53	18:57
神田	発	17:27	17:31	17:35	17:39	17:43	17:47	17:51	17:55	17:59	18:03	18:07	18:11	18:15	18:19	18:23	18:27	18:31	18:35	18:39	18:43	18:47	18:51	18:55	18:59
東京	発	17:29	17:33	17:37	17:41	17:45	17:49	17:53	17:57	18:01	18:05	18:09	18:13	18:17	18:21	18:25	18:29	18:33	18:37	18:41	18:45	18:49	18:53	18:57	19:01
有楽町	発	17:31	17:35	17:39	17:43	17:47	17:51	17:55	17:59	18:03	18:07	18:11	18:15	18:19	18:23	18:27	18:31	18:35	18:39	18:43	18:47	18:51	18:55	18:59	19:03
新橋	発	17:33	17:37	17:41	17:45	17:49	17:53	17:57	18:01	18:05	18:09	18:13	18:17	18:21	18:25	18:29	18:33	18:37	18:41	18:45	18:49	18:53	18:57	19:01	19:05
浜松町	発	17:35	17:39	17:43	17:47	17:51	17:55	17:59	18:03	18:07	18:11	18:15	18:19	18:23	18:27	18:31	18:35	18:39	18:43	18:47	18:51	18:55	18:59	19:03	19:07
田町	発	17:37	17:41	17:45	17:49	17:53	17:57	18:01	18:05	18:09	18:13	18:17	18:21	18:25	18:29	18:33	18:37	18:41	18:45	18:49	18:53	18:57	19:01	19:05	19:09
高輪ゲートウェイ	発	17:39	17:43	17:47	17:51	17:55	17:59	18:03	18:07	18:11	18:15	18:19	18:23	18:27	18:31	18:35	18:39	18:43	18:47	18:51	18:55	18:59	19:03	19:07	19:11
品川	発	17:41	17:45	17:49	17:53	17:57	18:01	18:05	18:09	18:13	18:17	18:21	18:25	18:29	18:33	18:37	18:41	18:45	18:49	18:53	18:57	19:01	19:05	19:09	19:13
大井町	発	17:43	17:47	17:51	17:55	17:59	18:03	18:07	18:11	18:15	18:19	18:23	18:27	18:31	18:35	18:39	18:43	18:47	18:51	18:55	18:59	19:03	19:07	19:11	19:15
大森	発	17:45	17:49	17:53	17:57	18:01	18:05	18:09	18:13	18:17	18:21	18:25	18:29	18:33	18:37	18:41	18:45	18:49	18:53	18:57	19:01	19:05	19:09	19:13	19:17
蒲田	発	17:47	17:51	17:55	17:59	18:03	18:07	18:11	18:15	18:19	18:23	18:27	18:31	18:35	18:39	18:43	18:47	18:51	18:55	18:59	19:03	19:07	19:11	19:15	19:19
川崎	発	17:49	17:53	17:57	18:01	18:05	18:09	18:13	18:17	18:21	18:25	18:29	18:33	18:37	18:41	18:45	18:49	18:53	18:57	19:01	19:05	19:09	19:13	19:17	19:21
鶴見	発	17:51	17:55	17:59	18:03	18:07	18:11	18:15	18:19	18:23	18:27	18:31	18:35	18:39	18:43	18:47	18:51	18:55	18:59	19:03	19:07	19:11	19:15	19:19	19:23
新子安	発	17:53	17:57	18:01	18:05	18:09	18:13	18:17	18:21	18:25	18:29	18:33	18:37	18:41	18:45	18:49	18:53	18:57	19:01	19:05	19:09	19:13	19:17	19:21	19:25
東神奈川	発	17:55	17:59	18:03	18:07	18:11	18:15	18:19	18:23	18:27	18:31	18:35	18:39	18:43	18:47	18:51	18:55	18:59	19:03	19:07	19:11	19:15	19:19	19:23	19:27
横浜	発	17:57	18:01	18:05	18:09	18:13	18:17	18:21	18:25	18:29	18:33	18:37	18:41	18:45	18:49	18:53	18:57	19:01	19:05	19:09	19:13	19:17	19:21	19:25	19:29
桜木町	発	17:59	18:03	18:07	18:11	18:15	18:19	18:23	18:27	18:31	18:35	18:39	18:43	18:47	18:51	18:55	18:59	19:03	19:07	19:11	19:15	19:19	19:23	19:27	19:31
関内	発	18:01	18:05	18:09	18:13	18:17	18:21	18:25	18:29	18:33	18:37	18:41	18:45	18:49	18:53	18:57	19:01	19:05	19:09	19:13	19:17	19:21	19:25	19:29	19:33
石川町	発	18:03	18:07	18:11	18:15	18:19	18:23	18:27	18:31	18:35	18:39	18:43	18:47	18:51	18:55	18:59	19:03	19:07	19:11	19:15	19:19	19:23	19:27	19:31	19:35
山手	発	18:05	18:09	18:13	18:17	18:21	18:25	18:29	18:33	18:37	18:41	18:45	18:49	18:53	18:57	19:01	19:05	19:09	19:13	19:17	19:21	19:25	19:29	19:33	19:37
根岸	発	18:07	18:11	18:15	18:19	18:23	18:27	18:31	18:35	18:39	18:43	18:47	18:51	18:55	18:59	19:03	19:07	19:11	19:15	19:19	19:23	19:27	19:31	19:35	19:39
磯子	発	18:09	18:13	18:17	18:21	18:25	18:29	18:33	18:37	18:41	18:45	18:49	18:53	18:57	19:01	19:05	19:09	19:13	19:17	19:21	19:25	19:29	19:33	19:37	19:41
新杉田	発	18:11	18:15	18:19	18:23	18:27	18:31	18:35	18:39	18:43	18:47	18:51	18:55	18:59	19:03	19:07	19:11	19:15	19:19	19:23	19:27	19:31	19:35	19:39	19:43
洋光台	発	18:13	18:17	18:21	18:25	18:29	18:33	18:37	18:41	18:45	18:49	18:53	18:57	19:01	19:05	19:09	19:13	19:17	19:21	19:25	19:29	19:33	19:37	19:41	19:45
港南台	発	18:15	18:19	18:23	18:27	18:31	18:35	18:39	18:43	18:47	18:51	18:55	18:59	19:03	19:07	19:11	19:15	19:19	19:23	19:27	19:31	19:35	19:39	19:43	19:47
本郷台	発	18:17	18:21	18:25	18:29	18:33	18:37	18:41	18:45	18:49	18:53	18:57	19:01	19:05	19:09	19:13	19:17	19:21	19:25	19:29	19:33	19:37	19:41	19:45	19:49
大船	発	18:19	18:23	18:27	18:31	18:35	18:39	18:43	18:47	18:51	18:55	18:59	19:03	19:07	19:11	19:15	19:19	19:23	19:27	19:31	19:35	19:39	19:43	19:47	19:51
